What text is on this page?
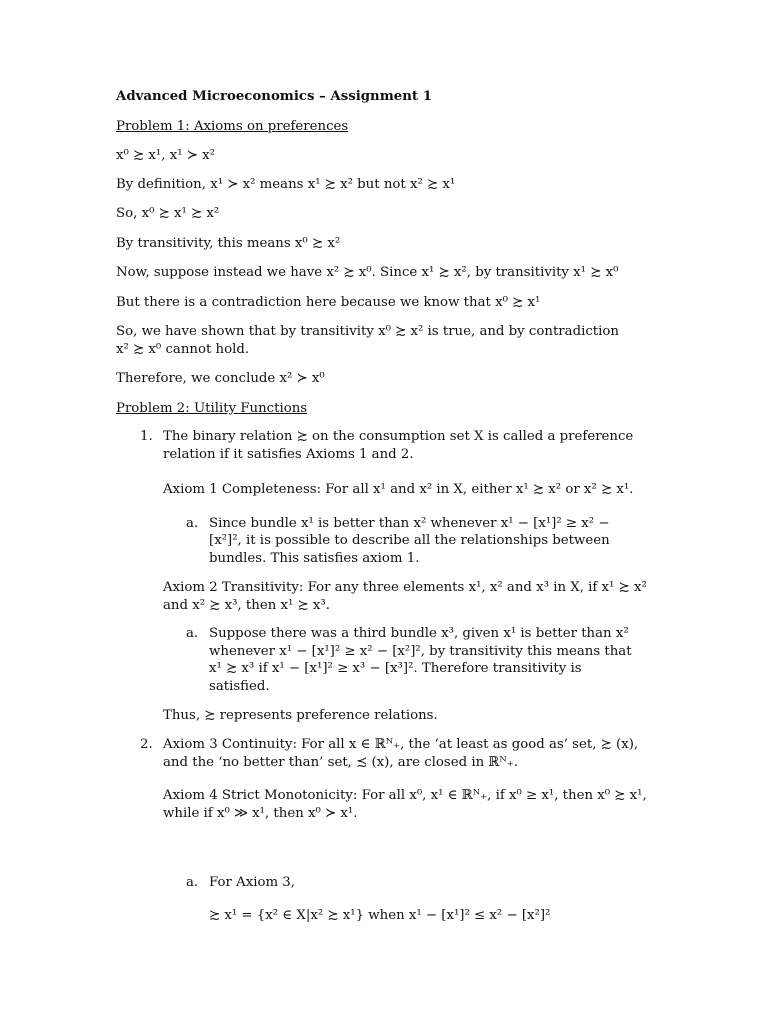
Advanced Microeconomics – Assignment 1
Problem 1: Axioms on preferences
x⁰ ≿ x¹, x¹ ≻ x²
By definition, x¹ ≻ x² means x¹ ≿ x² but not x² ≿ x¹
So, x⁰ ≿ x¹ ≿ x²
By transitivity, this means x⁰ ≿ x²
Now, suppose instead we have x² ≿ x⁰. Since x¹ ≿ x², by transitivity x¹ ≿ x⁰
But there is a contradiction here because we know that x⁰ ≿ x¹
So, we have shown that by transitivity x⁰ ≿ x² is true, and by contradiction
x² ≿ x⁰ cannot hold.
Therefore, we conclude x² ≻ x⁰
Problem 2: Utility Functions
1. The binary relation ≿ on the consumption set X is called a preference
relation if it satisfies Axioms 1 and 2.
Axiom 1 Completeness: For all x¹ and x² in X, either x¹ ≿ x² or x² ≿ x¹.
a. Since bundle x¹ is better than x² whenever x¹ − [x¹]² ≥ x² −
[x²]², it is possible to describe all the relationships between
bundles. This satisfies axiom 1.
Axiom 2 Transitivity: For any three elements x¹, x² and x³ in X, if x¹ ≿ x²
and x² ≿ x³, then x¹ ≿ x³.
a. Suppose there was a third bundle x³, given x¹ is better than x²
whenever x¹ − [x¹]² ≥ x² − [x²]², by transitivity this means that
x¹ ≿ x³ if x¹ − [x¹]² ≥ x³ − [x³]². Therefore transitivity is
satisfied.
Thus, ≿ represents preference relations.
2. Axiom 3 Continuity: For all x ∈ ℝᴺ₊, the ‘at least as good as’ set, ≿ (x),
and the ‘no better than’ set, ≾ (x), are closed in ℝᴺ₊.
Axiom 4 Strict Monotonicity: For all x⁰, x¹ ∈ ℝᴺ₊, if x⁰ ≥ x¹, then x⁰ ≿ x¹,
while if x⁰ ≫ x¹, then x⁰ ≻ x¹.
a. For Axiom 3,
≿ x¹ = {x² ∈ X|x² ≿ x¹} when x¹ − [x¹]² ≤ x² − [x²]²
